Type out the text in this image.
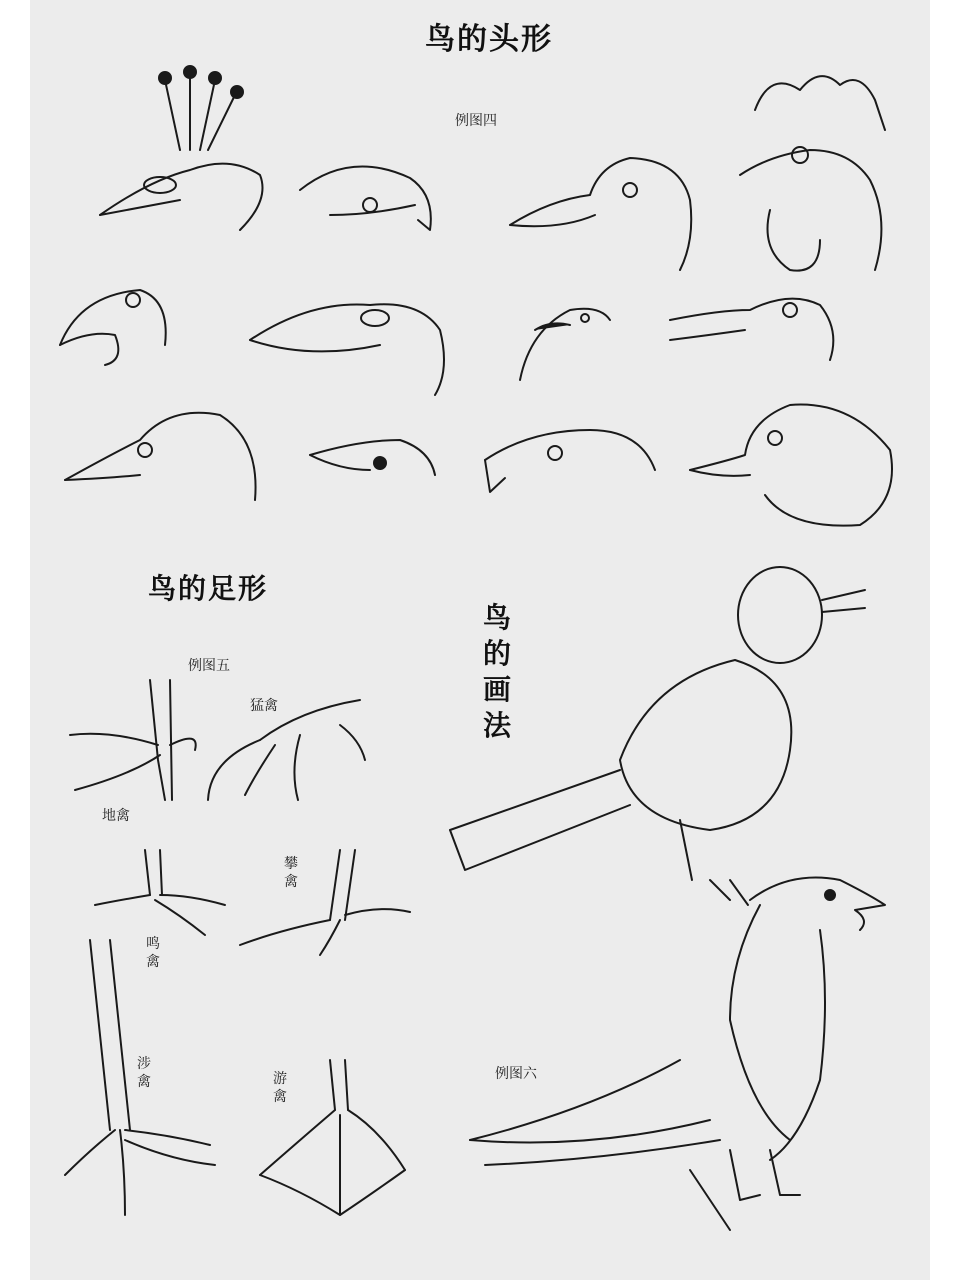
鸟的头形
例图四
鸟的足形
例图五
鸟的画法
例图六
猛禽
地禽
攀禽
鸣禽
涉禽	游禽
